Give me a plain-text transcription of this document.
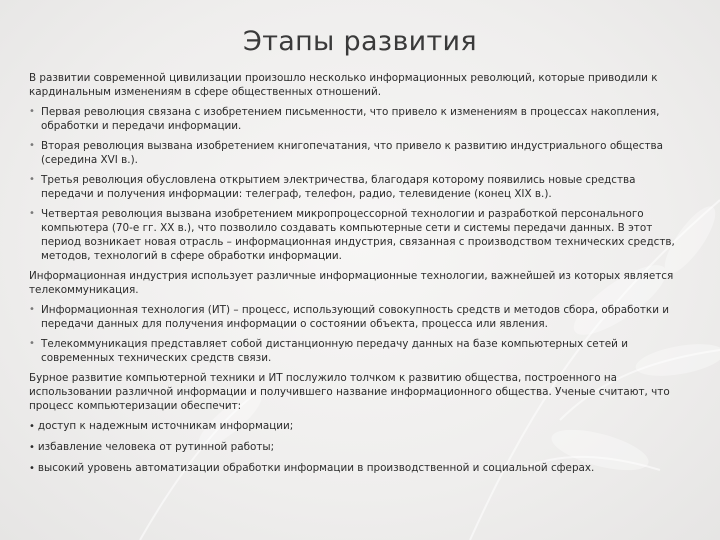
Этапы развития

В развитии современной цивилизации произошло несколько информационных революций, которые приводили к кардинальным изменениям в сфере общественных отношений.

• Первая революция связана с изобретением письменности, что привело к изменениям в процессах накопления, обработки и передачи информации.
• Вторая революция вызвана изобретением книгопечатания, что привело к развитию индустриального общества (середина XVI в.).
• Третья революция обусловлена открытием электричества, благодаря которому появились новые средства передачи и получения информации: телеграф, телефон, радио, телевидение (конец XIX в.).
• Четвертая революция вызвана изобретением микропроцессорной технологии и разработкой персонального компьютера (70-е гг. XX в.), что позволило создавать компьютерные сети и системы передачи данных. В этот период возникает новая отрасль – информационная индустрия, связанная с производством технических средств, методов, технологий в сфере обработки информации.

Информационная индустрия использует различные информационные технологии, важнейшей из которых является телекоммуникация.

• Информационная технология (ИТ) – процесс, использующий совокупность средств и методов сбора, обработки и передачи данных для получения информации о состоянии объекта, процесса или явления.
• Телекоммуникация представляет собой дистанционную передачу данных на базе компьютерных сетей и современных технических средств связи.

Бурное развитие компьютерной техники и ИТ послужило толчком к развитию общества, построенного на использовании различной информации и получившего название информационного общества. Ученые считают, что процесс компьютеризации обеспечит:

• доступ к надежным источникам информации;
• избавление человека от рутинной работы;
• высокий уровень автоматизации обработки информации в производственной и социальной сферах.
